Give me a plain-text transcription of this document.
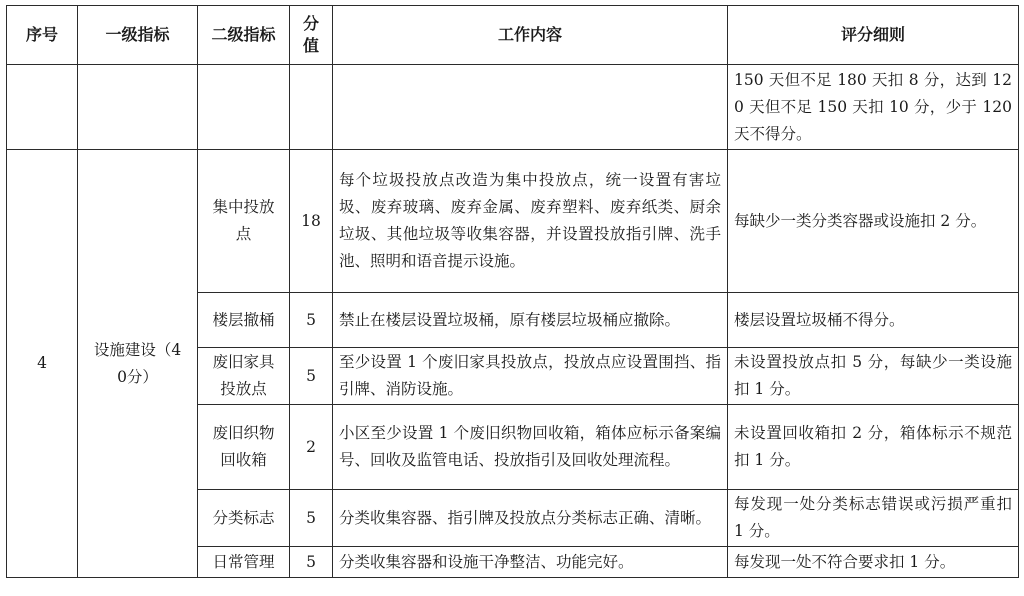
序号	一级指标	二级指标	分值	工作内容	评分细则
					150 天但不足 180 天扣 8 分，达到 120 天但不足 150 天扣 10 分，少于 120 天不得分。
4	设施建设（40分）	集中投放点	18	每个垃圾投放点改造为集中投放点，统一设置有害垃圾、废弃玻璃、废弃金属、废弃塑料、废弃纸类、厨余垃圾、其他垃圾等收集容器，并设置投放指引牌、洗手池、照明和语音提示设施。	每缺少一类分类容器或设施扣 2 分。
		楼层撤桶	5	禁止在楼层设置垃圾桶，原有楼层垃圾桶应撤除。	楼层设置垃圾桶不得分。
		废旧家具投放点	5	至少设置 1 个废旧家具投放点，投放点应设置围挡、指引牌、消防设施。	未设置投放点扣 5 分，每缺少一类设施扣 1 分。
		废旧织物回收箱	2	小区至少设置 1 个废旧织物回收箱，箱体应标示备案编号、回收及监管电话、投放指引及回收处理流程。	未设置回收箱扣 2 分，箱体标示不规范扣 1 分。
		分类标志	5	分类收集容器、指引牌及投放点分类标志正确、清晰。	每发现一处分类标志错误或污损严重扣 1 分。
		日常管理	5	分类收集容器和设施干净整洁、功能完好。	每发现一处不符合要求扣 1 分。
